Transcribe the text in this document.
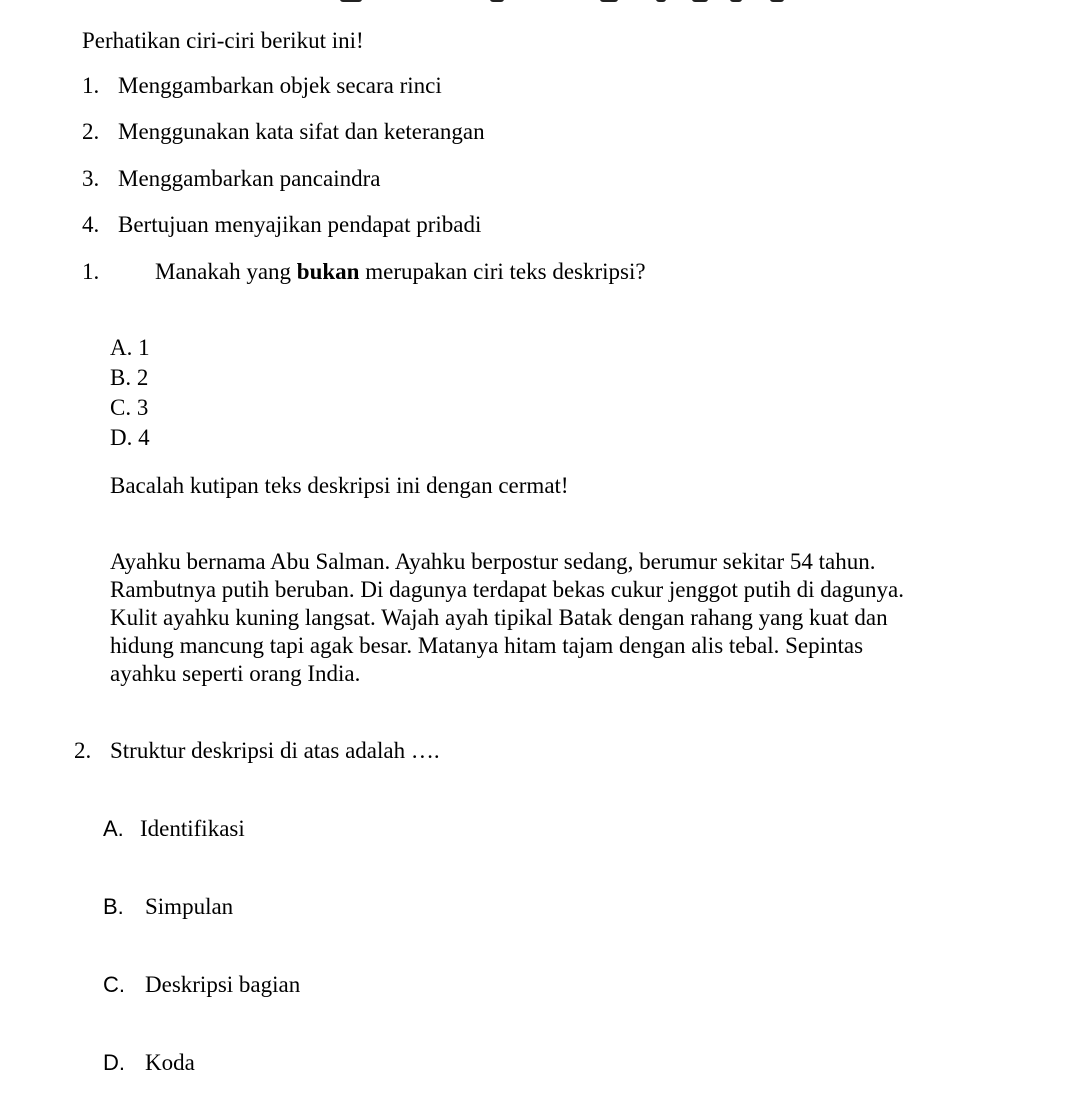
Perhatikan ciri-ciri berikut ini!
1. Menggambarkan objek secara rinci
2. Menggunakan kata sifat dan keterangan
3. Menggambarkan pancaindra
4. Bertujuan menyajikan pendapat pribadi
1. Manakah yang bukan merupakan ciri teks deskripsi?
A. 1
B. 2
C. 3
D. 4
Bacalah kutipan teks deskripsi ini dengan cermat!
Ayahku bernama Abu Salman. Ayahku berpostur sedang, berumur sekitar 54 tahun.
Rambutnya putih beruban. Di dagunya terdapat bekas cukur jenggot putih di dagunya.
Kulit ayahku kuning langsat. Wajah ayah tipikal Batak dengan rahang yang kuat dan
hidung mancung tapi agak besar. Matanya hitam tajam dengan alis tebal. Sepintas
ayahku seperti orang India.
2. Struktur deskripsi di atas adalah ….
A. Identifikasi
B. Simpulan
C. Deskripsi bagian
D. Koda
